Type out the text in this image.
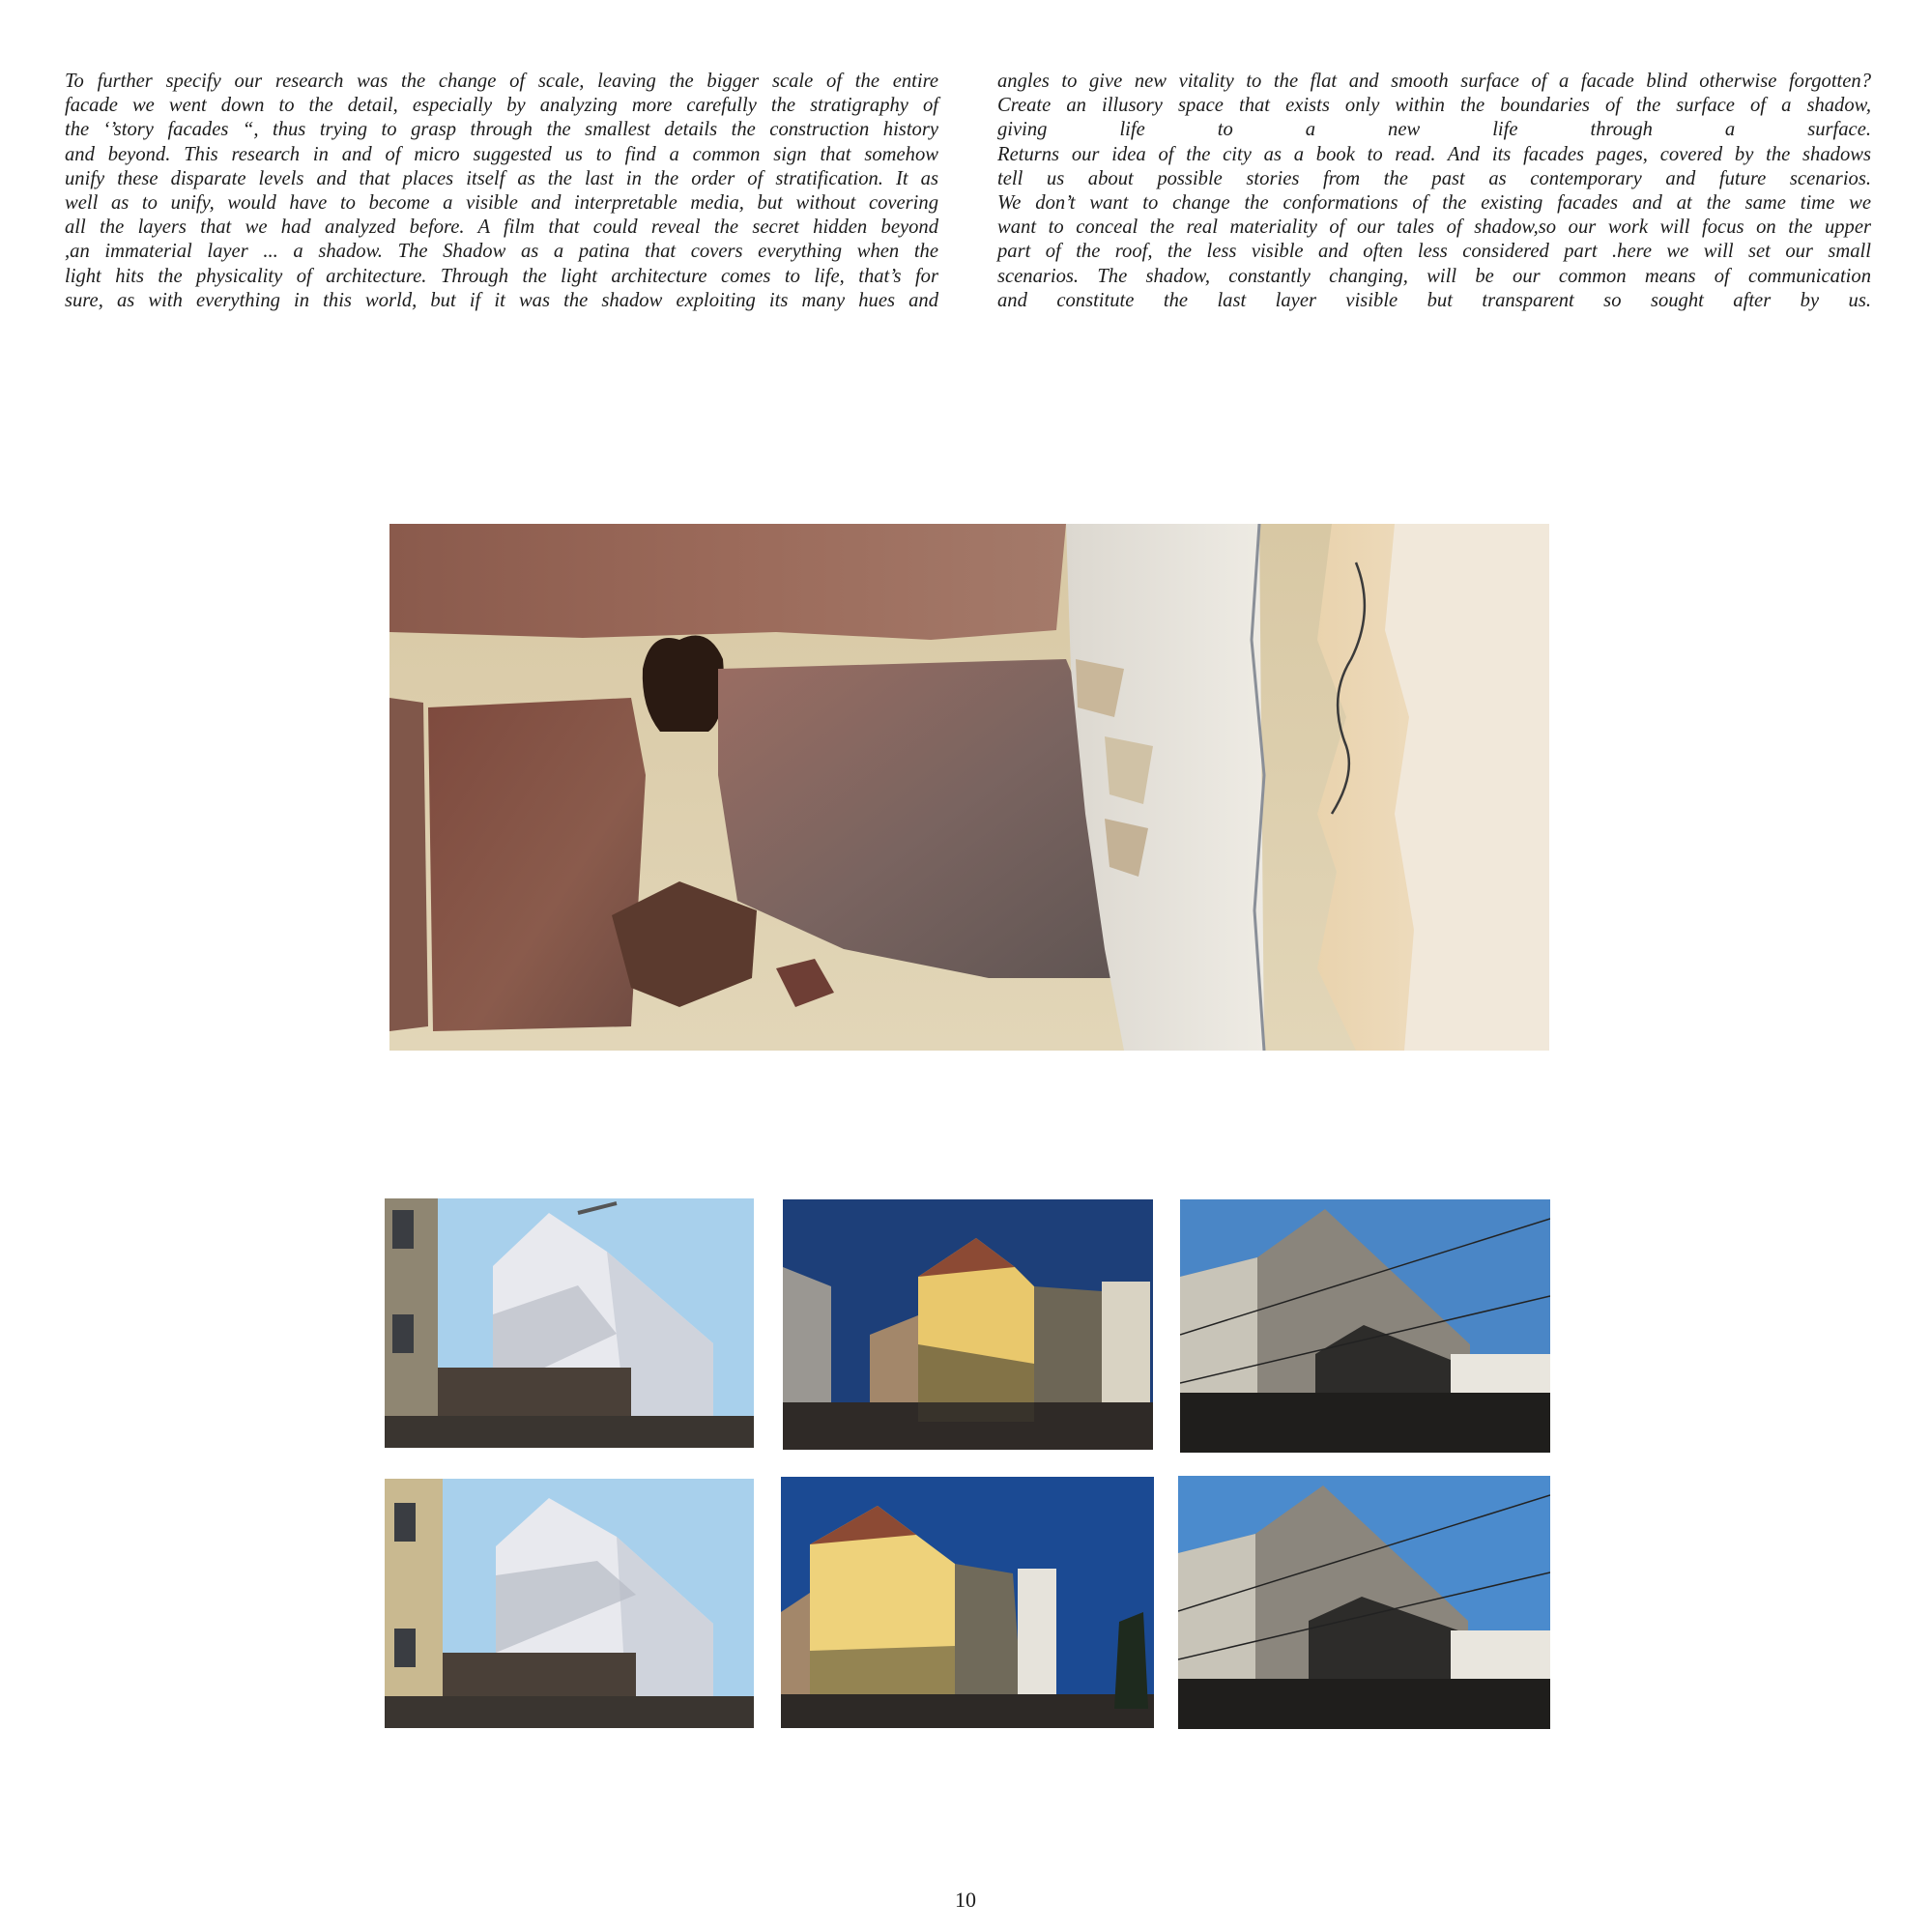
To further specify our research was the change of scale, leaving the bigger scale of the entire

facade we went down to the detail, especially by analyzing more carefully the stratigraphy of

the ‘’story facades “, thus trying to grasp through the smallest details the construction history

and beyond. This research in and of micro suggested us to find a common sign that somehow

unify these disparate levels and that places itself as the last in the order of stratification. It as

well as to unify, would have to become a visible and interpretable media, but without covering

all the layers that we had analyzed before. A film that could reveal the secret hidden beyond

,an immaterial layer ... a shadow. The Shadow as a patina that covers everything when the

light hits the physicality of architecture. Through the light architecture comes to life, that’s for

sure, as with everything in this world, but if it was the shadow exploiting its many hues and

angles to give new vitality to the flat and smooth surface of a facade blind otherwise forgotten?

Create an illusory space that exists only within the boundaries of the surface of a shadow,

giving life to a new life through a surface.

Returns our idea of the city as a book to read. And its facades pages, covered by the shadows

tell us about possible stories from the past as contemporary and future scenarios.

We don’t want to change the conformations of the existing facades and at the same time we

want to conceal the real materiality of our tales of shadow,so our work will focus on the upper

part of the roof, the less visible and often less considered part .here we will set our small

scenarios. The shadow, constantly changing, will be our common means of communication

and constitute the last layer visible but transparent so sought after by us.

10
